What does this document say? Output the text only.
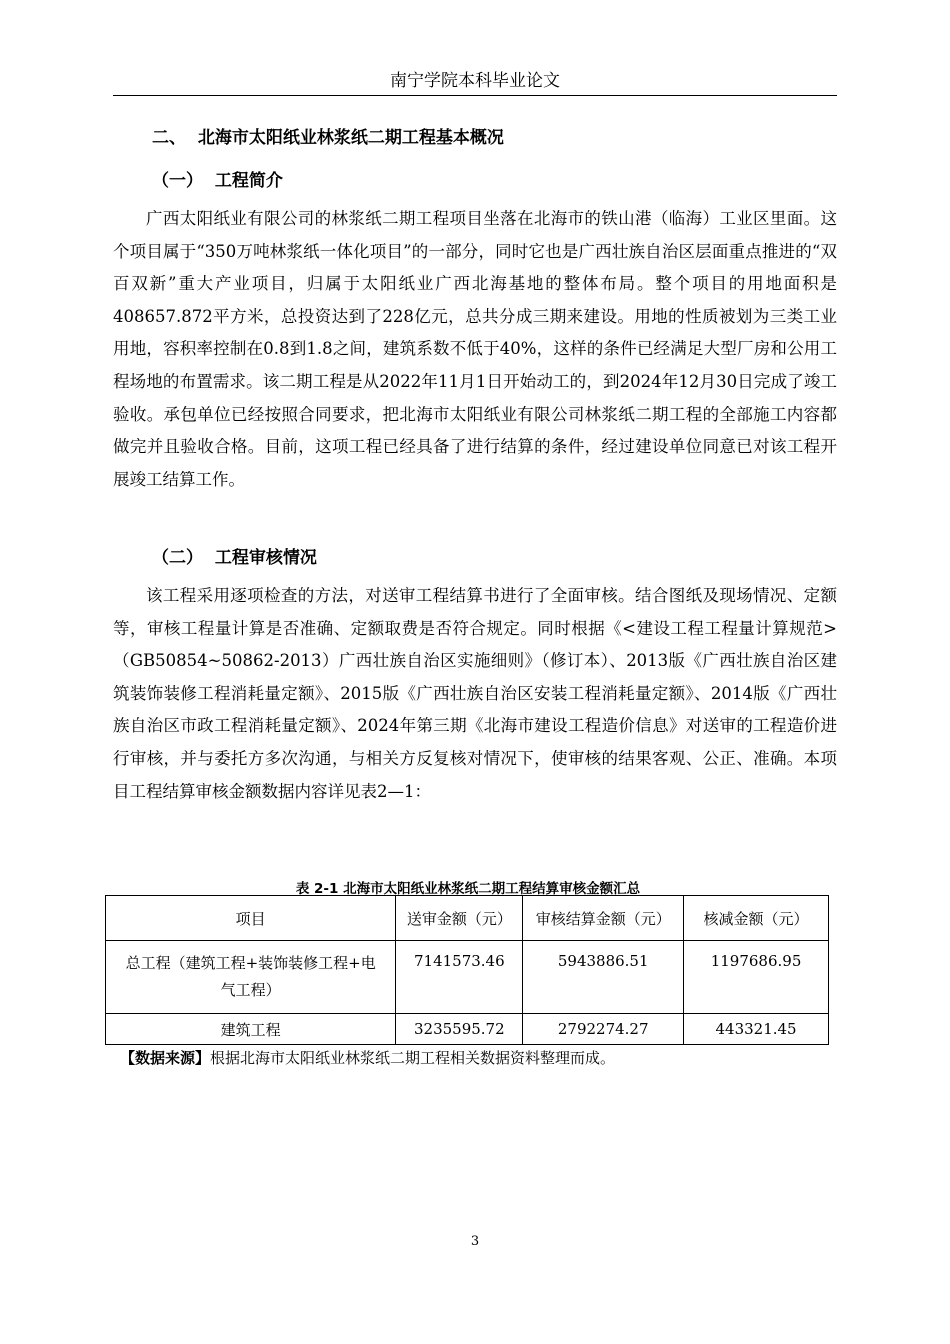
南宁学院本科毕业论文
二、  北海市太阳纸业林浆纸二期工程基本概况
（一）  工程简介

广西太阳纸业有限公司的林浆纸二期工程项目坐落在北海市的铁山港（临海）工业区里面。这个项目属于“350万吨林浆纸一体化项目”的一部分，同时它也是广西壮族自治区层面重点推进的“双百双新”重大产业项目，归属于太阳纸业广西北海基地的整体布局。整个项目的用地面积是408657.872平方米，总投资达到了228亿元，总共分成三期来建设。用地的性质被划为三类工业用地，容积率控制在0.8到1.8之间，建筑系数不低于40%，这样的条件已经满足大型厂房和公用工程场地的布置需求。该二期工程是从2022年11月1日开始动工的，到2024年12月30日完成了竣工验收。承包单位已经按照合同要求，把北海市太阳纸业有限公司林浆纸二期工程的全部施工内容都做完并且验收合格。目前，这项工程已经具备了进行结算的条件，经过建设单位同意已对该工程开展竣工结算工作。

（二）  工程审核情况

该工程采用逐项检查的方法，对送审工程结算书进行了全面审核。结合图纸及现场情况、定额等，审核工程量计算是否准确、定额取费是否符合规定。同时根据《<建设工程工程量计算规范>（GB50854~50862-2013）广西壮族自治区实施细则》（修订本）、2013版《广西壮族自治区建筑装饰装修工程消耗量定额》、2015版《广西壮族自治区安装工程消耗量定额》、2014版《广西壮族自治区市政工程消耗量定额》、2024年第三期《北海市建设工程造价信息》对送审的工程造价进行审核，并与委托方多次沟通，与相关方反复核对情况下，使审核的结果客观、公正、准确。本项目工程结算审核金额数据内容详见表2—1：

表 2-1 北海市太阳纸业林浆纸二期工程结算审核金额汇总
项目	送审金额（元）	审核结算金额（元）	核减金额（元）
总工程（建筑工程+装饰装修工程+电气工程）	7141573.46	5943886.51	1197686.95
建筑工程	3235595.72	2792274.27	443321.45
【数据来源】根据北海市太阳纸业林浆纸二期工程相关数据资料整理而成。
3
